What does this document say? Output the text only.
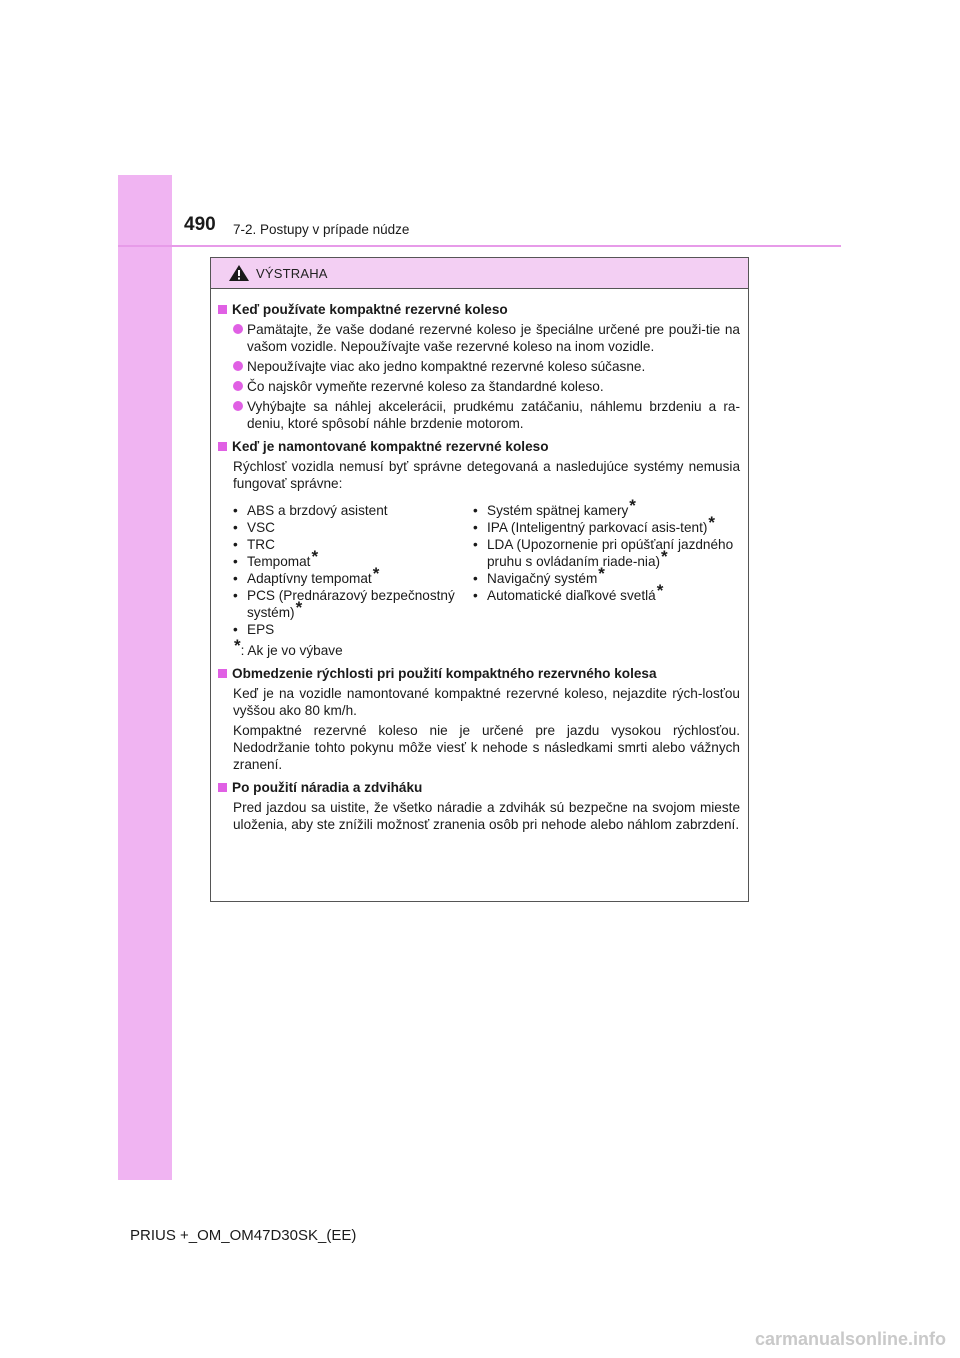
490 7-2. Postupy v prípade núdze
VÝSTRAHA
Keď používate kompaktné rezervné koleso
Pamätajte, že vaše dodané rezervné koleso je špeciálne určené pre použi-tie na vašom vozidle. Nepoužívajte vaše rezervné koleso na inom vozidle.
Nepoužívajte viac ako jedno kompaktné rezervné koleso súčasne.
Čo najskôr vymeňte rezervné koleso za štandardné koleso.
Vyhýbajte sa náhlej akcelerácii, prudkému zatáčaniu, náhlemu brzdeniu a ra-deniu, ktoré spôsobí náhle brzdenie motorom.
Keď je namontované kompaktné rezervné koleso
Rýchlosť vozidla nemusí byť správne detegovaná a nasledujúce systémy nemusia fungovať správne:
• ABS a brzdový asistent
• VSC
• TRC
• Tempomat*
• Adaptívny tempomat*
• PCS (Prednárazový bezpečnostný systém)*
• EPS
• Systém spätnej kamery*
• IPA (Inteligentný parkovací asis-tent)*
• LDA (Upozornenie pri opúšťaní jazdného pruhu s ovládaním riade-nia)*
• Navigačný systém*
• Automatické diaľkové svetlá*
*: Ak je vo výbave
Obmedzenie rýchlosti pri použití kompaktného rezervného kolesa
Keď je na vozidle namontované kompaktné rezervné koleso, nejazdite rých-losťou vyššou ako 80 km/h.
Kompaktné rezervné koleso nie je určené pre jazdu vysokou rýchlosťou. Nedodržanie tohto pokynu môže viesť k nehode s následkami smrti alebo vážnych zranení.
Po použití náradia a zdviháku
Pred jazdou sa uistite, že všetko náradie a zdvihák sú bezpečne na svojom mieste uloženia, aby ste znížili možnosť zranenia osôb pri nehode alebo náhlom zabrzdení.
PRIUS +_OM_OM47D30SK_(EE)
carmanualsonline.info
